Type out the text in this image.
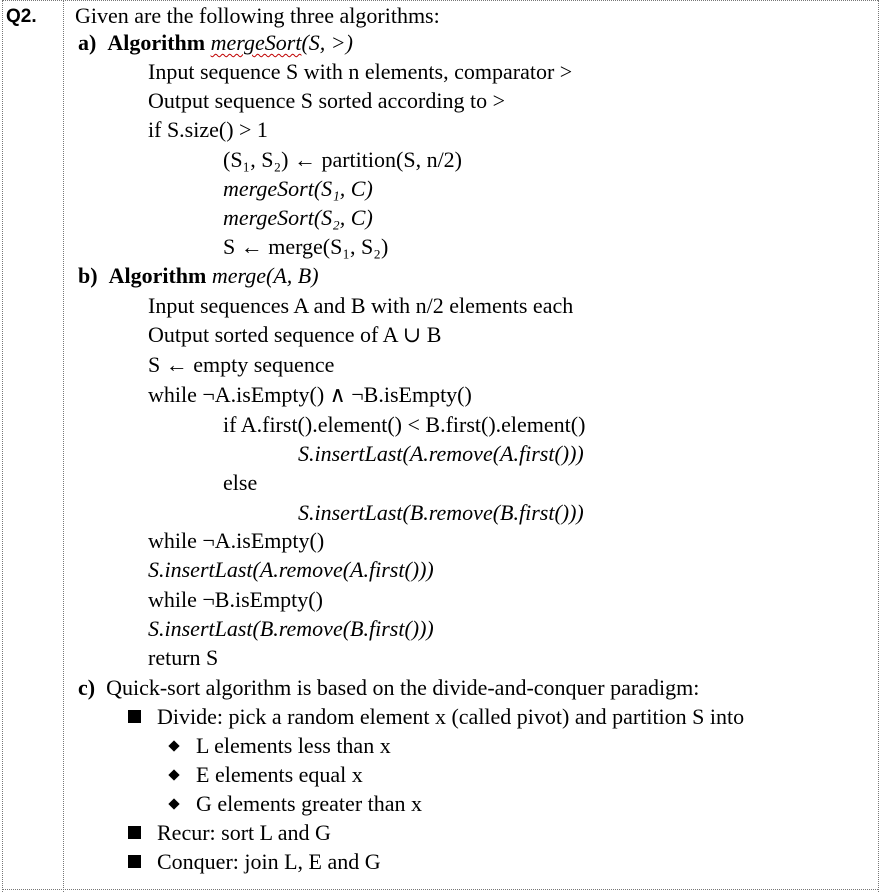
Q2. Given are the following three algorithms:
a) Algorithm mergeSort(S, >)
Input sequence S with n elements, comparator >
Output sequence S sorted according to >
if S.size() > 1
(S₁, S₂) ← partition(S, n/2)
mergeSort(S₁, C)
mergeSort(S₂, C)
S ← merge(S₁, S₂)
b) Algorithm merge(A, B)
Input sequences A and B with n/2 elements each
Output sorted sequence of A ∪ B
S ← empty sequence
while ¬A.isEmpty() ∧ ¬B.isEmpty()
if A.first().element() < B.first().element()
S.insertLast(A.remove(A.first()))
else
S.insertLast(B.remove(B.first()))
while ¬A.isEmpty()
S.insertLast(A.remove(A.first()))
while ¬B.isEmpty()
S.insertLast(B.remove(B.first()))
return S
c) Quick-sort algorithm is based on the divide-and-conquer paradigm:
Divide: pick a random element x (called pivot) and partition S into
L elements less than x
E elements equal x
G elements greater than x
Recur: sort L and G
Conquer: join L, E and G
